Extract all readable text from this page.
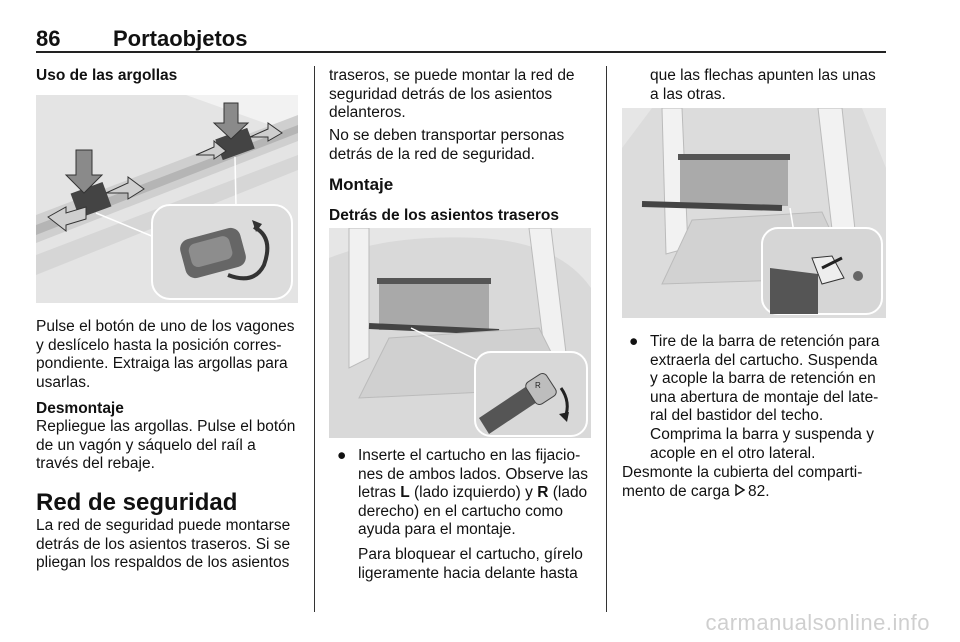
86 Portaobjetos

Uso de las argollas

Pulse el botón de uno de los vagones

y deslícelo hasta la posición corres-

pondiente. Extraiga las argollas para

usarlas.

Desmontaje

Repliegue las argollas. Pulse el botón

de un vagón y sáquelo del raíl a

través del rebaje.

Red de seguridad

La red de seguridad puede montarse

detrás de los asientos traseros. Si se

pliegan los respaldos de los asientos

traseros, se puede montar la red de

seguridad detrás de los asientos

delanteros.

No se deben transportar personas

detrás de la red de seguridad.

Montaje

Detrás de los asientos traseros

R
● Inserte el cartucho en las fijacio-

nes de ambos lados. Observe las

letras L (lado izquierdo) y R (lado

derecho) en el cartucho como

ayuda para el montaje.

Para bloquear el cartucho, gírelo

ligeramente hacia delante hasta

que las flechas apunten las unas

a las otras.

● Tire de la barra de retención para

extraerla del cartucho. Suspenda

y acople la barra de retención en

una abertura de montaje del late-

ral del bastidor del techo.

Comprima la barra y suspenda y

acople en el otro lateral.

Desmonte la cubierta del comparti-

mento de carga 82.

carmanualsonline.info
